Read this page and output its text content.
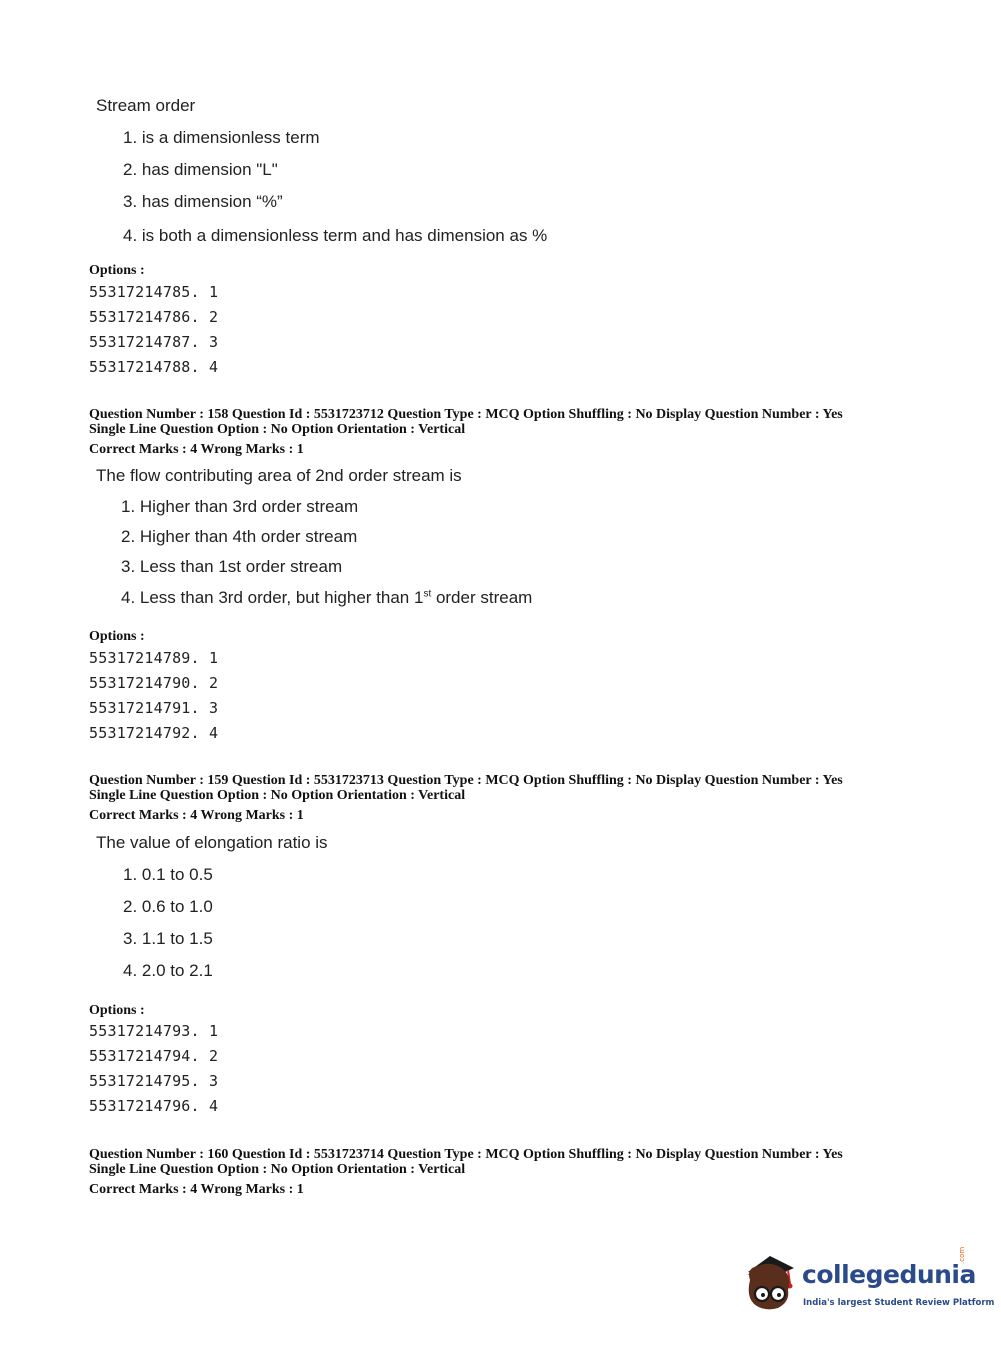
Stream order
1. is a dimensionless term
2. has dimension "L"
3. has dimension “%”
4. is both a dimensionless term and has dimension as %
Options :
55317214785. 1
55317214786. 2
55317214787. 3
55317214788. 4
Question Number : 158 Question Id : 5531723712 Question Type : MCQ Option Shuffling : No Display Question Number : Yes
Single Line Question Option : No Option Orientation : Vertical
Correct Marks : 4 Wrong Marks : 1
The flow contributing area of 2nd order stream is
1. Higher than 3rd order stream
2. Higher than 4th order stream
3. Less than 1st order stream
4. Less than 3rd order, but higher than 1st order stream
Options :
55317214789. 1
55317214790. 2
55317214791. 3
55317214792. 4
Question Number : 159 Question Id : 5531723713 Question Type : MCQ Option Shuffling : No Display Question Number : Yes
Single Line Question Option : No Option Orientation : Vertical
Correct Marks : 4 Wrong Marks : 1
The value of elongation ratio is
1. 0.1 to 0.5
2. 0.6 to 1.0
3. 1.1 to 1.5
4. 2.0 to 2.1
Options :
55317214793. 1
55317214794. 2
55317214795. 3
55317214796. 4
Question Number : 160 Question Id : 5531723714 Question Type : MCQ Option Shuffling : No Display Question Number : Yes
Single Line Question Option : No Option Orientation : Vertical
Correct Marks : 4 Wrong Marks : 1
collegedunia
.com
India's largest Student Review Platform
